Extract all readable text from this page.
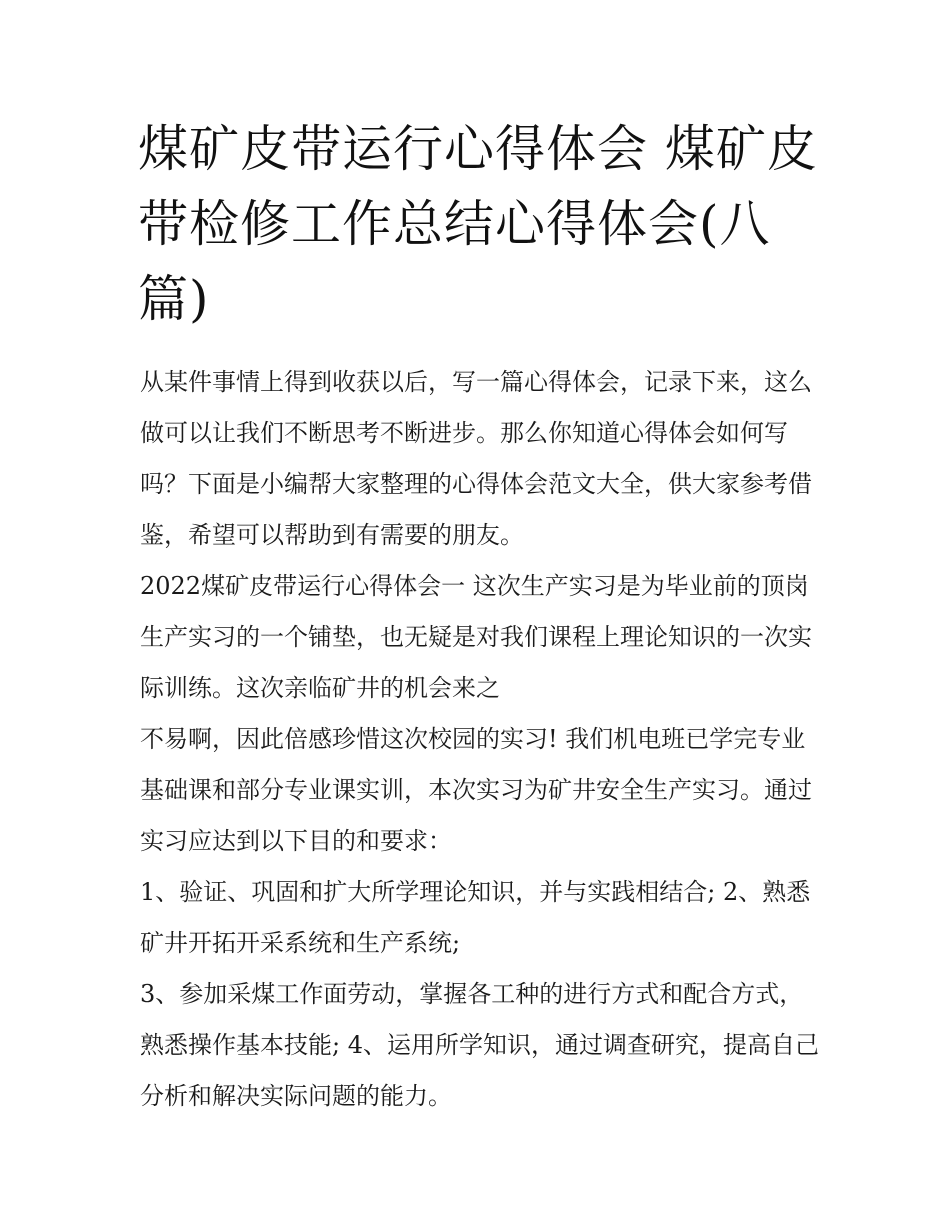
煤矿皮带运行心得体会 煤矿皮带检修工作总结心得体会(八篇)

从某件事情上得到收获以后，写一篇心得体会，记录下来，这么做可以让我们不断思考不断进步。那么你知道心得体会如何写吗？下面是小编帮大家整理的心得体会范文大全，供大家参考借鉴，希望可以帮助到有需要的朋友。

2022煤矿皮带运行心得体会一 这次生产实习是为毕业前的顶岗生产实习的一个铺垫，也无疑是对我们课程上理论知识的一次实际训练。这次亲临矿井的机会来之

不易啊，因此倍感珍惜这次校园的实习! 我们机电班已学完专业基础课和部分专业课实训，本次实习为矿井安全生产实习。通过实习应达到以下目的和要求：

1、验证、巩固和扩大所学理论知识，并与实践相结合; 2、熟悉矿井开拓开采系统和生产系统;

3、参加采煤工作面劳动，掌握各工种的进行方式和配合方式，熟悉操作基本技能; 4、运用所学知识，通过调查研究，提高自己分析和解决实际问题的能力。
